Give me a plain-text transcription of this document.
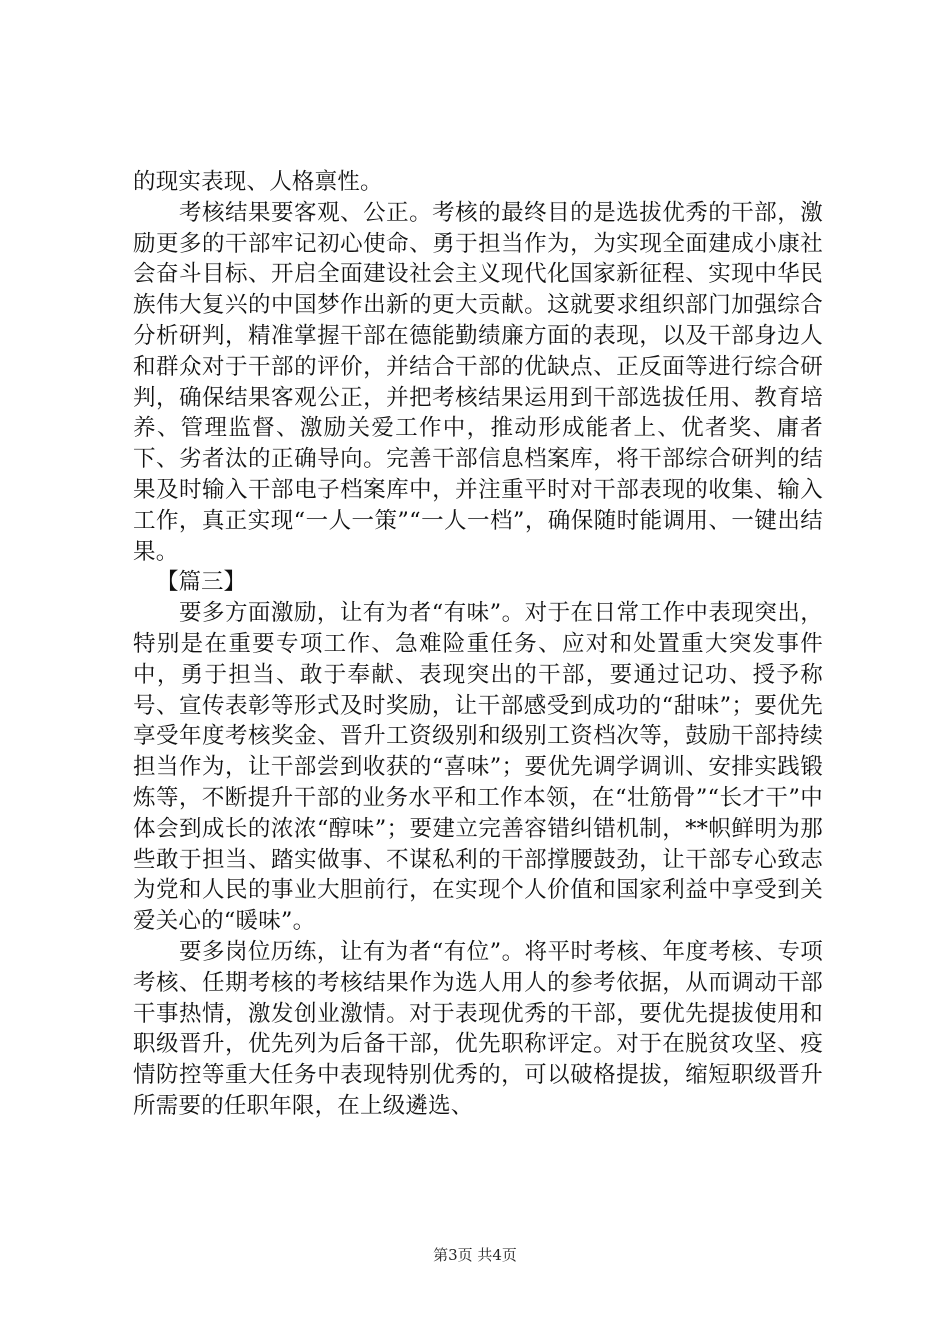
的现实表现、人格禀性。

考核结果要客观、公正。考核的最终目的是选拔优秀的干部，激励更多的干部牢记初心使命、勇于担当作为，为实现全面建成小康社会奋斗目标、开启全面建设社会主义现代化国家新征程、实现中华民族伟大复兴的中国梦作出新的更大贡献。这就要求组织部门加强综合分析研判，精准掌握干部在德能勤绩廉方面的表现，以及干部身边人和群众对于干部的评价，并结合干部的优缺点、正反面等进行综合研判，确保结果客观公正，并把考核结果运用到干部选拔任用、教育培养、管理监督、激励关爱工作中，推动形成能者上、优者奖、庸者下、劣者汰的正确导向。完善干部信息档案库，将干部综合研判的结果及时输入干部电子档案库中，并注重平时对干部表现的收集、输入工作，真正实现“一人一策”“一人一档”，确保随时能调用、一键出结果。

【篇三】

要多方面激励，让有为者“有味”。对于在日常工作中表现突出，特别是在重要专项工作、急难险重任务、应对和处置重大突发事件中，勇于担当、敢于奉献、表现突出的干部，要通过记功、授予称号、宣传表彰等形式及时奖励，让干部感受到成功的“甜味”；要优先享受年度考核奖金、晋升工资级别和级别工资档次等，鼓励干部持续担当作为，让干部尝到收获的“喜味”；要优先调学调训、安排实践锻炼等，不断提升干部的业务水平和工作本领，在“壮筋骨”“长才干”中体会到成长的浓浓“醇味”；要建立完善容错纠错机制，**帜鲜明为那些敢于担当、踏实做事、不谋私利的干部撑腰鼓劲，让干部专心致志为党和人民的事业大胆前行，在实现个人价值和国家利益中享受到关爱关心的“暖味”。

要多岗位历练，让有为者“有位”。将平时考核、年度考核、专项考核、任期考核的考核结果作为选人用人的参考依据，从而调动干部干事热情，激发创业激情。对于表现优秀的干部，要优先提拔使用和职级晋升，优先列为后备干部，优先职称评定。对于在脱贫攻坚、疫情防控等重大任务中表现特别优秀的，可以破格提拔，缩短职级晋升所需要的任职年限，在上级遴选、

第3页 共4页
